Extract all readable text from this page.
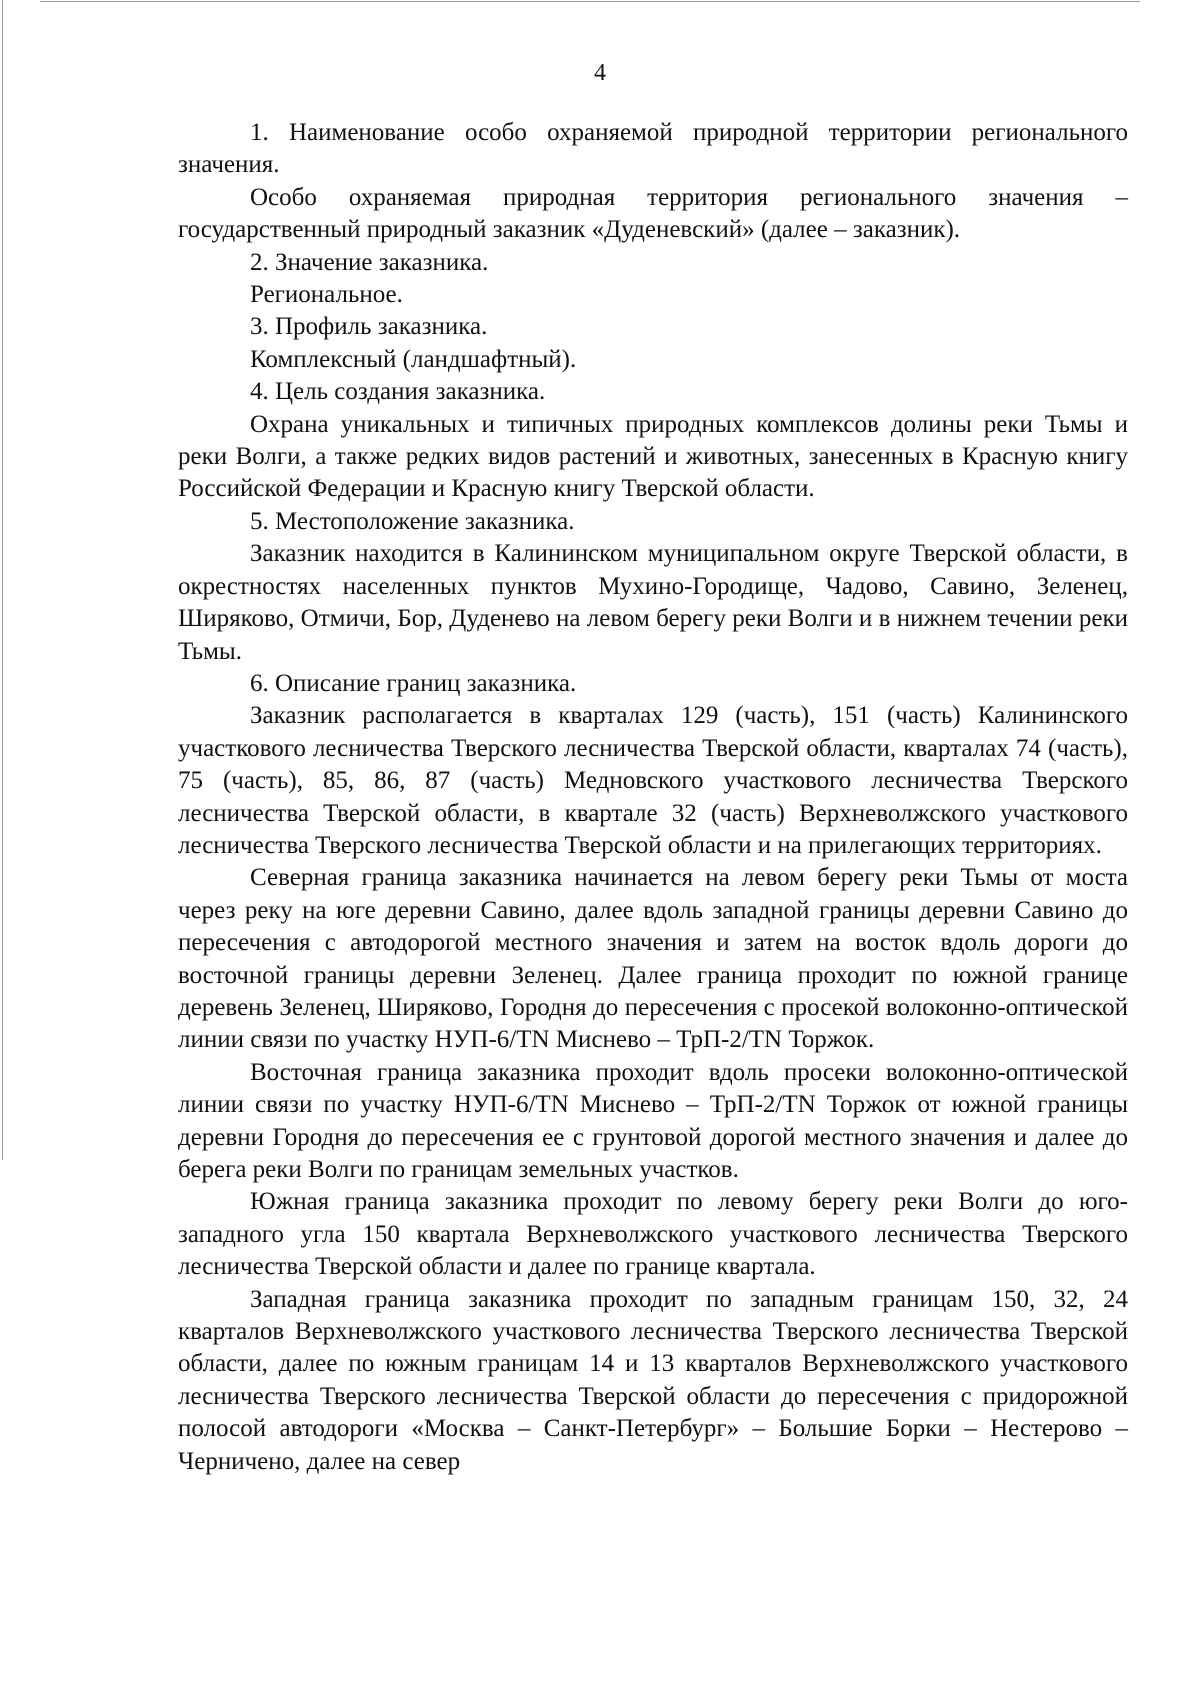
4

1. Наименование особо охраняемой природной территории регионального значения.

Особо охраняемая природная территория регионального значения – государственный природный заказник «Дуденевский» (далее – заказник).

2. Значение заказника.

Региональное.

3. Профиль заказника.

Комплексный (ландшафтный).

4. Цель создания заказника.

Охрана уникальных и типичных природных комплексов долины реки Тьмы и реки Волги, а также редких видов растений и животных, занесенных в Красную книгу Российской Федерации и Красную книгу Тверской области.

5. Местоположение заказника.

Заказник находится в Калининском муниципальном округе Тверской области, в окрестностях населенных пунктов Мухино-Городище, Чадово, Савино, Зеленец, Ширяково, Отмичи, Бор, Дуденево на левом берегу реки Волги и в нижнем течении реки Тьмы.

6. Описание границ заказника.

Заказник располагается в кварталах 129 (часть), 151 (часть) Калининского участкового лесничества Тверского лесничества Тверской области, кварталах 74 (часть), 75 (часть), 85, 86, 87 (часть) Медновского участкового лесничества Тверского лесничества Тверской области, в квартале 32 (часть) Верхневолжского участкового лесничества Тверского лесничества Тверской области и на прилегающих территориях.

Северная граница заказника начинается на левом берегу реки Тьмы от моста через реку на юге деревни Савино, далее вдоль западной границы деревни Савино до пересечения с автодорогой местного значения и затем на восток вдоль дороги до восточной границы деревни Зеленец. Далее граница проходит по южной границе деревень Зеленец, Ширяково, Городня до пересечения с просекой волоконно-оптической линии связи по участку НУП-6/TN Миснево – ТрП-2/TN Торжок.

Восточная граница заказника проходит вдоль просеки волоконно-оптической линии связи по участку НУП-6/TN Миснево – ТрП-2/TN Торжок от южной границы деревни Городня до пересечения ее с грунтовой дорогой местного значения и далее до берега реки Волги по границам земельных участков.

Южная граница заказника проходит по левому берегу реки Волги до юго-западного угла 150 квартала Верхневолжского участкового лесничества Тверского лесничества Тверской области и далее по границе квартала.

Западная граница заказника проходит по западным границам 150, 32, 24 кварталов Верхневолжского участкового лесничества Тверского лесничества Тверской области, далее по южным границам 14 и 13 кварталов Верхневолжского участкового лесничества Тверского лесничества Тверской области до пересечения с придорожной полосой автодороги «Москва – Санкт-Петербург» – Большие Борки – Нестерово – Черничено, далее на север
